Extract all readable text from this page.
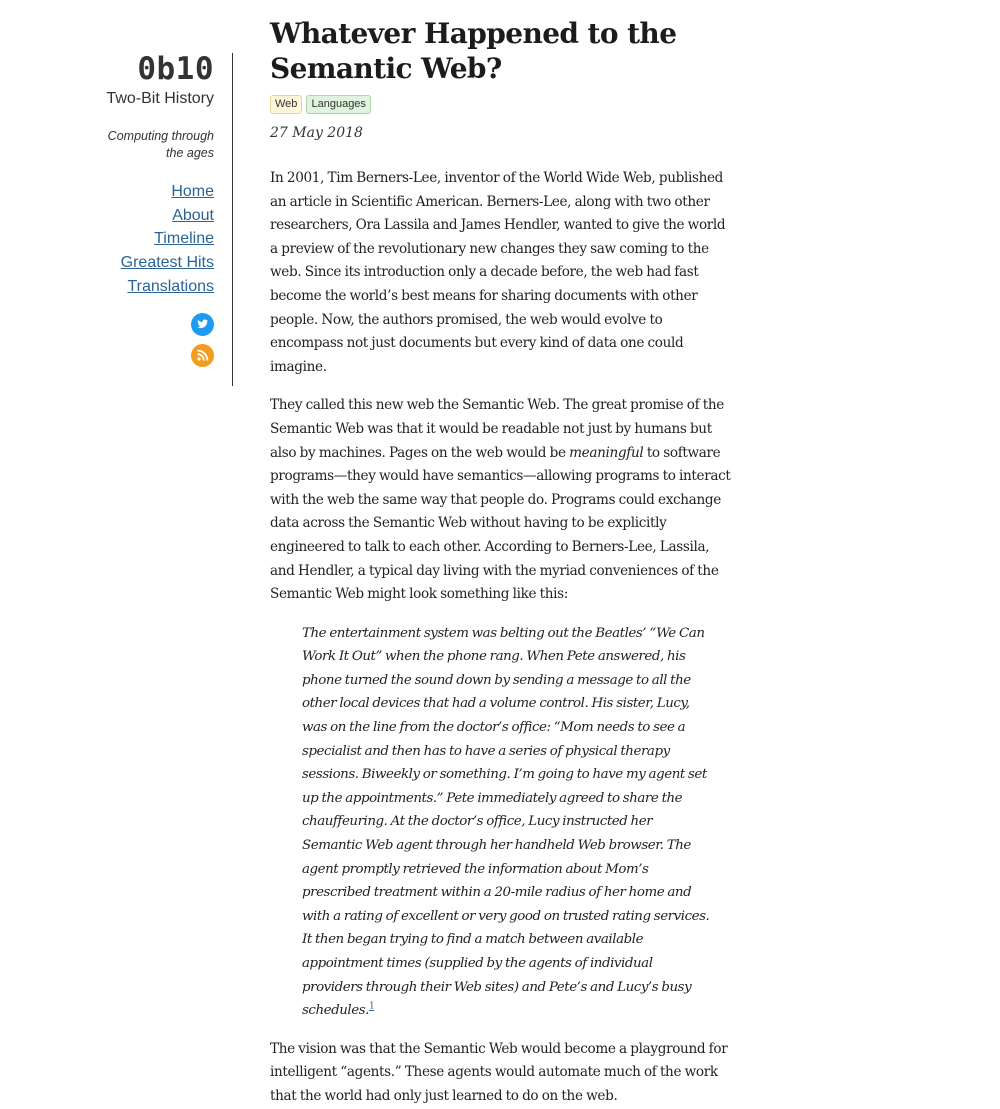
0b10
Two-Bit History
Computing through the ages
Home
About
Timeline
Greatest Hits
Translations
Whatever Happened to the Semantic Web?
Web Languages
27 May 2018

In 2001, Tim Berners-Lee, inventor of the World Wide Web, published an article in Scientific American. Berners-Lee, along with two other researchers, Ora Lassila and James Hendler, wanted to give the world a preview of the revolutionary new changes they saw coming to the web. Since its introduction only a decade before, the web had fast become the world’s best means for sharing documents with other people. Now, the authors promised, the web would evolve to encompass not just documents but every kind of data one could imagine.

They called this new web the Semantic Web. The great promise of the Semantic Web was that it would be readable not just by humans but also by machines. Pages on the web would be meaningful to software programs—they would have semantics—allowing programs to interact with the web the same way that people do. Programs could exchange data across the Semantic Web without having to be explicitly engineered to talk to each other. According to Berners-Lee, Lassila, and Hendler, a typical day living with the myriad conveniences of the Semantic Web might look something like this:

The entertainment system was belting out the Beatles’ “We Can Work It Out” when the phone rang. When Pete answered, his phone turned the sound down by sending a message to all the other local devices that had a volume control. His sister, Lucy, was on the line from the doctor’s office: “Mom needs to see a specialist and then has to have a series of physical therapy sessions. Biweekly or something. I’m going to have my agent set up the appointments.” Pete immediately agreed to share the chauffeuring. At the doctor’s office, Lucy instructed her Semantic Web agent through her handheld Web browser. The agent promptly retrieved the information about Mom’s prescribed treatment within a 20-mile radius of her home and with a rating of excellent or very good on trusted rating services. It then began trying to find a match between available appointment times (supplied by the agents of individual providers through their Web sites) and Pete’s and Lucy’s busy schedules.$^1$

The vision was that the Semantic Web would become a playground for intelligent “agents.” These agents would automate much of the work that the world had only just learned to do on the web.
